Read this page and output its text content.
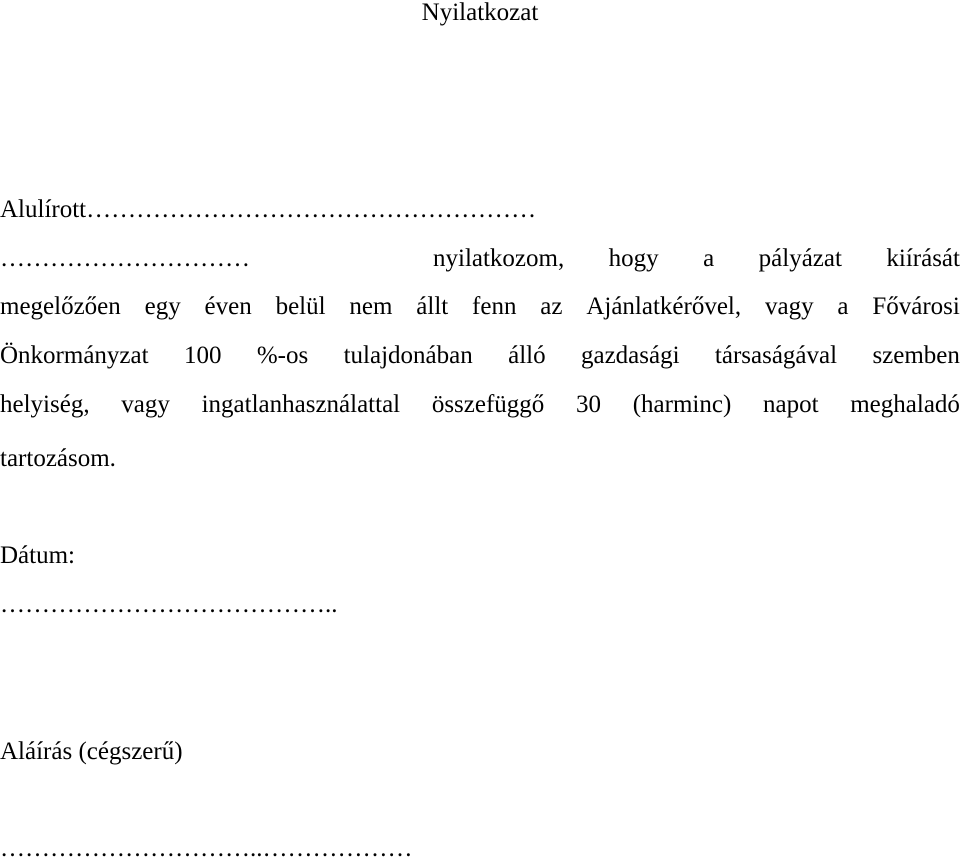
Nyilatkozat
Alulírott………………………………………………
…………………………	nyilatkozom, hogy a pályázat kiírását
megelőzően egy éven belül nem állt fenn az Ajánlatkérővel, vagy a Fővárosi
Önkormányzat 100 %-os tulajdonában álló gazdasági társaságával szemben
helyiség, vagy ingatlanhasználattal összefüggő 30 (harminc) napot meghaladó
tartozásom.
Dátum:
…………………………………..
Aláírás (cégszerű)
…………………………..………………
